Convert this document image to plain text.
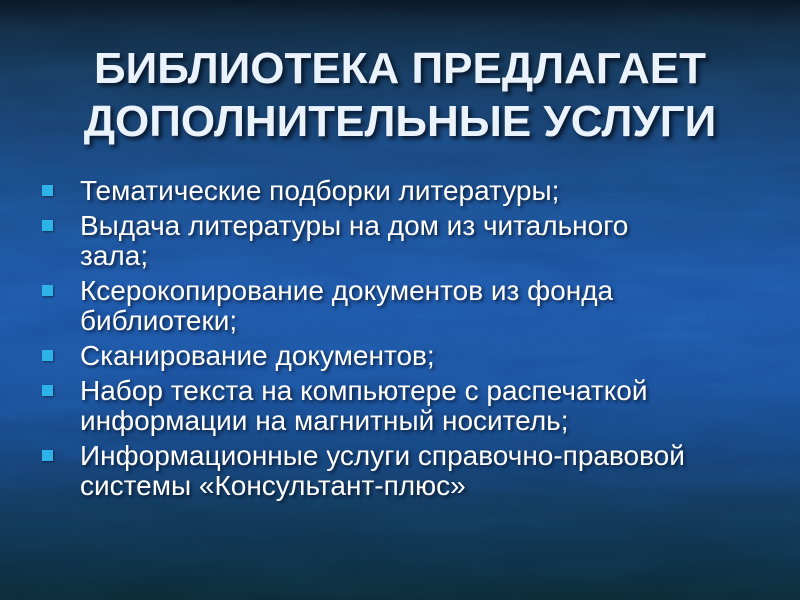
БИБЛИОТЕКА ПРЕДЛАГАЕТ
ДОПОЛНИТЕЛЬНЫЕ УСЛУГИ
Тематические подборки литературы;
Выдача литературы на дом из читального зала;
Ксерокопирование документов из фонда библиотеки;
Сканирование документов;
Набор текста на компьютере с распечаткой информации на магнитный носитель;
Информационные услуги справочно-правовой системы «Консультант-плюс»
